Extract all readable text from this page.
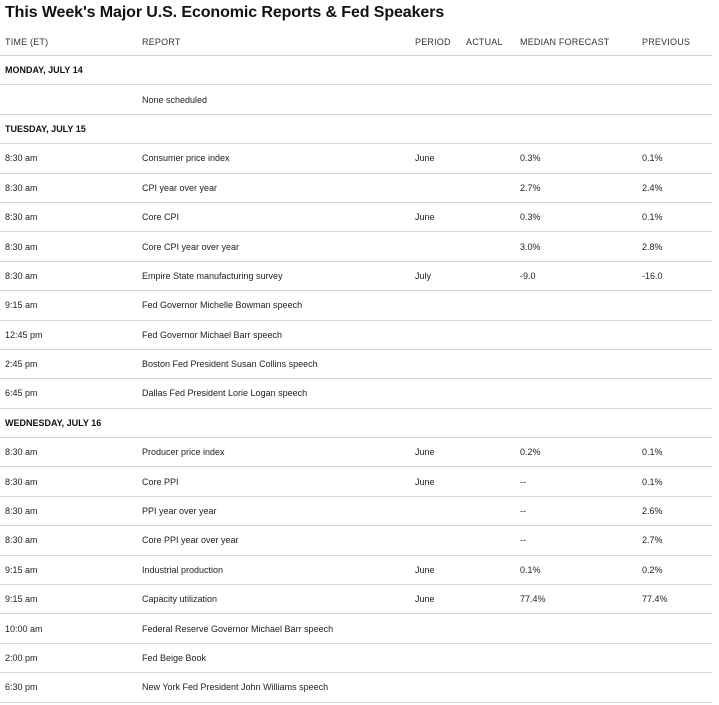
This Week's Major U.S. Economic Reports & Fed Speakers
TIME (ET)	REPORT	PERIOD	ACTUAL	MEDIAN FORECAST	PREVIOUS
MONDAY, JULY 14					
	None scheduled				
TUESDAY, JULY 15					
8:30 am	Consumer price index	June		0.3%	0.1%
8:30 am	CPI year over year			2.7%	2.4%
8:30 am	Core CPI	June		0.3%	0.1%
8:30 am	Core CPI year over year			3.0%	2.8%
8:30 am	Empire State manufacturing survey	July		-9.0	-16.0
9:15 am	Fed Governor Michelle Bowman speech				
12:45 pm	Fed Governor Michael Barr speech				
2:45 pm	Boston Fed President Susan Collins speech				
6:45 pm	Dallas Fed President Lorie Logan speech				
WEDNESDAY, JULY 16					
8:30 am	Producer price index	June		0.2%	0.1%
8:30 am	Core PPI	June		--	0.1%
8:30 am	PPI year over year			--	2.6%
8:30 am	Core PPI year over year			--	2.7%
9:15 am	Industrial production	June		0.1%	0.2%
9:15 am	Capacity utilization	June		77.4%	77.4%
10:00 am	Federal Reserve Governor Michael Barr speech				
2:00 pm	Fed Beige Book				
6:30 pm	New York Fed President John Williams speech				
